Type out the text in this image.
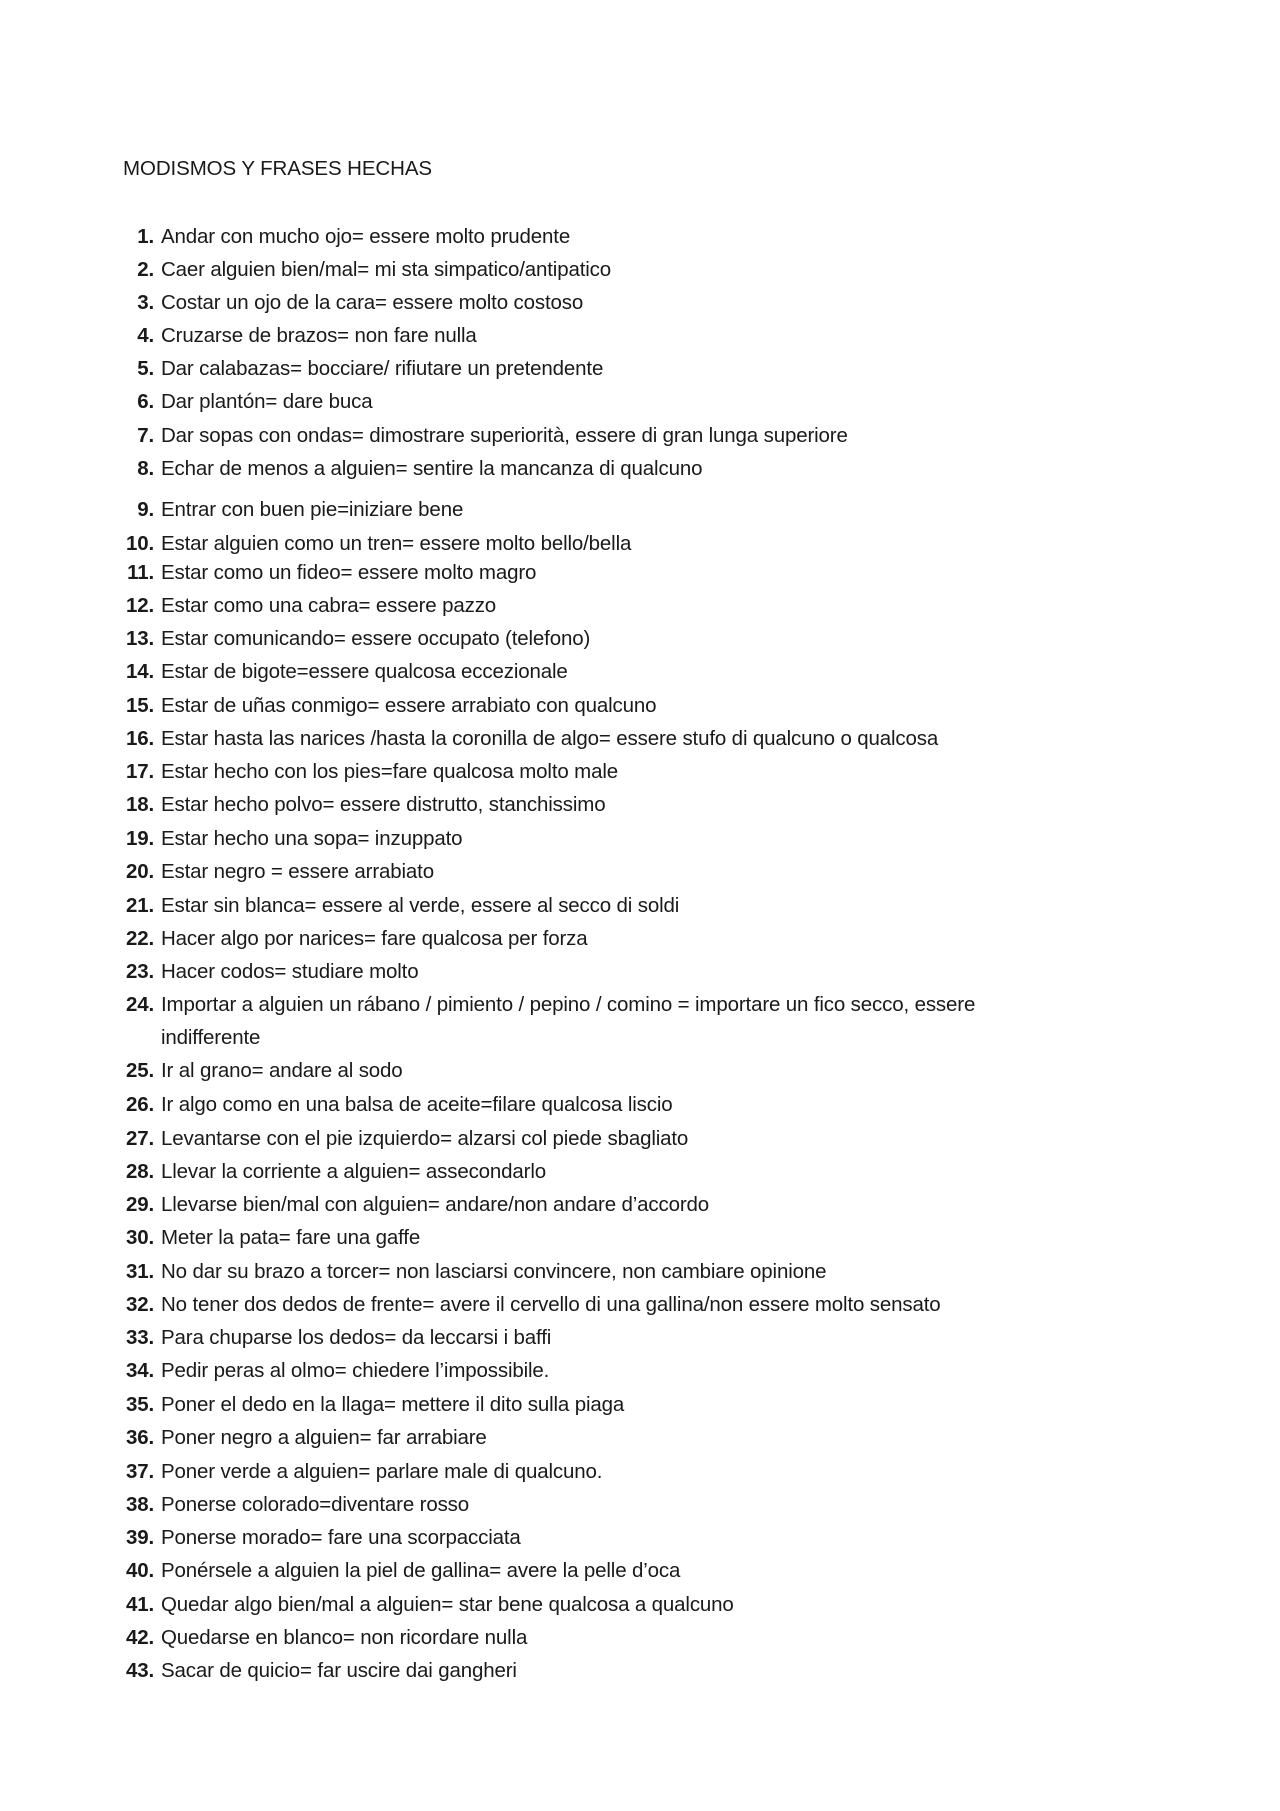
MODISMOS Y FRASES HECHAS
1. Andar con mucho ojo= essere molto prudente
2. Caer alguien bien/mal= mi sta simpatico/antipatico
3. Costar un ojo de la cara= essere molto costoso
4. Cruzarse de brazos= non fare nulla
5. Dar calabazas= bocciare/ rifiutare un pretendente
6. Dar plantón= dare buca
7. Dar sopas con ondas= dimostrare superiorità, essere di gran lunga superiore
8. Echar de menos a alguien= sentire la mancanza di qualcuno
9. Entrar con buen pie=iniziare bene
10. Estar alguien como un tren= essere molto bello/bella
11. Estar como un fideo= essere molto magro
12. Estar como una cabra= essere pazzo
13. Estar comunicando= essere occupato (telefono)
14. Estar de bigote=essere qualcosa eccezionale
15. Estar de uñas conmigo= essere arrabiato con qualcuno
16. Estar hasta las narices /hasta la coronilla de algo= essere stufo di qualcuno o qualcosa
17. Estar hecho con los pies=fare qualcosa molto male
18. Estar hecho polvo= essere distrutto, stanchissimo
19. Estar hecho una sopa= inzuppato
20. Estar negro = essere arrabiato
21. Estar sin blanca= essere al verde, essere al secco di soldi
22. Hacer algo por narices= fare qualcosa per forza
23. Hacer codos= studiare molto
24. Importar a alguien un rábano / pimiento / pepino / comino = importare un fico secco, essere
indifferente
25. Ir al grano= andare al sodo
26. Ir algo como en una balsa de aceite=filare qualcosa liscio
27. Levantarse con el pie izquierdo= alzarsi col piede sbagliato
28. Llevar la corriente a alguien= assecondarlo
29. Llevarse bien/mal con alguien= andare/non andare d’accordo
30. Meter la pata= fare una gaffe
31. No dar su brazo a torcer= non lasciarsi convincere, non cambiare opinione
32. No tener dos dedos de frente= avere il cervello di una gallina/non essere molto sensato
33. Para chuparse los dedos= da leccarsi i baffi
34. Pedir peras al olmo= chiedere l’impossibile.
35. Poner el dedo en la llaga= mettere il dito sulla piaga
36. Poner negro a alguien= far arrabiare
37. Poner verde a alguien= parlare male di qualcuno.
38. Ponerse colorado=diventare rosso
39. Ponerse morado= fare una scorpacciata
40. Ponérsele a alguien la piel de gallina= avere la pelle d’oca
41. Quedar algo bien/mal a alguien= star bene qualcosa a qualcuno
42. Quedarse en blanco= non ricordare nulla
43. Sacar de quicio= far uscire dai gangheri
